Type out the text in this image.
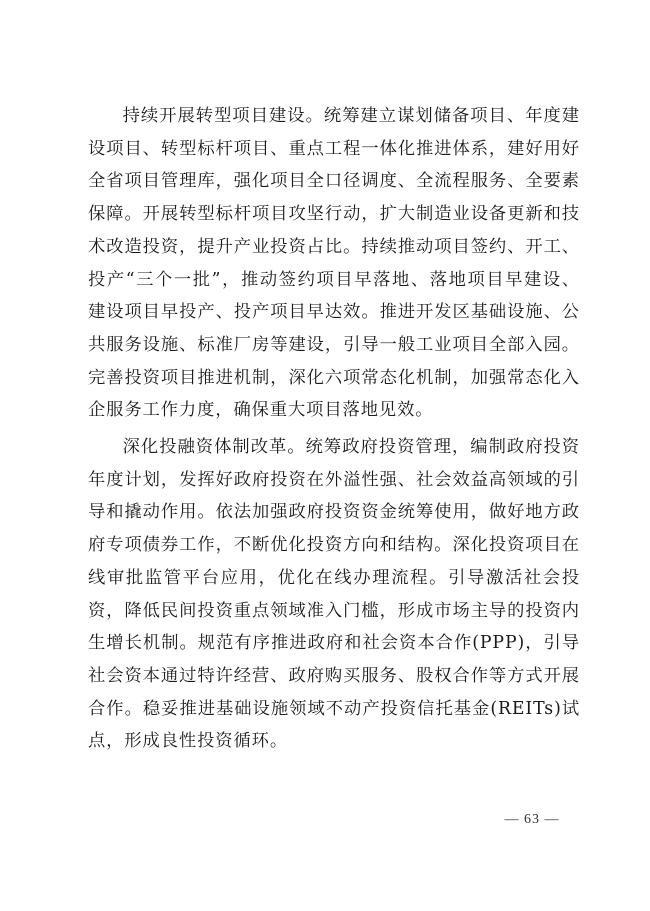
持续开展转型项目建设。统筹建立谋划储备项目、年度建设项目、转型标杆项目、重点工程一体化推进体系，建好用好全省项目管理库，强化项目全口径调度、全流程服务、全要素保障。开展转型标杆项目攻坚行动，扩大制造业设备更新和技术改造投资，提升产业投资占比。持续推动项目签约、开工、投产“三个一批”，推动签约项目早落地、落地项目早建设、建设项目早投产、投产项目早达效。推进开发区基础设施、公共服务设施、标准厂房等建设，引导一般工业项目全部入园。完善投资项目推进机制，深化六项常态化机制，加强常态化入企服务工作力度，确保重大项目落地见效。

深化投融资体制改革。统筹政府投资管理，编制政府投资年度计划，发挥好政府投资在外溢性强、社会效益高领域的引导和撬动作用。依法加强政府投资资金统筹使用，做好地方政府专项债券工作，不断优化投资方向和结构。深化投资项目在线审批监管平台应用，优化在线办理流程。引导激活社会投资，降低民间投资重点领域准入门槛，形成市场主导的投资内生增长机制。规范有序推进政府和社会资本合作(PPP)，引导社会资本通过特许经营、政府购买服务、股权合作等方式开展合作。稳妥推进基础设施领域不动产投资信托基金(REITs)试点，形成良性投资循环。

— 63 —
